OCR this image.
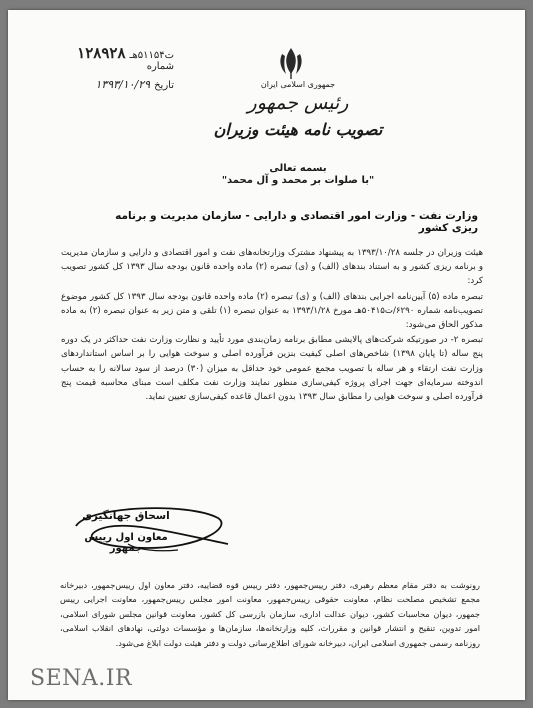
ت۵۱۱۵۴هـ
۱۲۸۹۲۸
شماره
تاریخ
۱۳۹۳/۱۰/۲۹	جمهوری اسلامی ایران
رئیس جمهور
تصویب نامه هیئت وزیران
بسمه تعالی
"با صلوات بر محمد و آل محمد"
وزارت نفت - وزارت امور اقتصادی و دارایی - سازمان مدیریت و برنامه ریزی کشور

هیئت وزیران در جلسه ۱۳۹۳/۱۰/۲۸ به پیشنهاد مشترک وزارتخانه‌های نفت و امور اقتصادی و دارایی و سازمان مدیریت و برنامه ریزی کشور و به استناد بندهای (الف) و (ی) تبصره (۲) ماده واحده قانون بودجه سال ۱۳۹۳ کل کشور تصویب کرد:

تبصره ماده (۵) آیین‌نامه اجرایی بندهای (الف) و (ی) تبصره (۲) ماده واحده قانون بودجه سال ۱۳۹۳ کل کشور موضوع تصویب‌نامه شماره ۶۲۹۰/ت۵۰۴۱۵هـ مورخ ۱۳۹۳/۱/۲۸ به عنوان تبصره (۱) تلقی و متن زیر به عنوان تبصره (۲) به ماده مذکور الحاق می‌شود:

تبصره ۲- در صورتیکه شرکت‌های پالایشی مطابق برنامه زمان‌بندی مورد تأیید و نظارت وزارت نفت حداکثر در یک دوره پنج ساله (تا پایان ۱۳۹۸) شاخص‌های اصلی کیفیت بنزین فرآورده اصلی و سوخت هوایی را بر اساس استانداردهای وزارت نفت ارتقاء و هر ساله با تصویب مجمع عمومی خود حداقل به میزان (۳۰) درصد از سود سالانه را به حساب اندوخته سرمایه‌ای جهت اجرای پروژه کیفی‌سازی منظور نمایند وزارت نفت مکلف است مبنای محاسبه قیمت پنج فرآورده اصلی و سوخت هوایی را مطابق سال ۱۳۹۳ بدون اعمال قاعده کیفی‌سازی تعیین نماید.

اسحاق جهانگیری
معاون اول رییس جمهور
رونوشت به دفتر مقام معظم رهبری، دفتر رییس‌جمهور، دفتر رییس قوه قضاییه، دفتر معاون اول رییس‌جمهور، دبیرخانه مجمع تشخیص مصلحت نظام، معاونت حقوقی رییس‌جمهور، معاونت امور مجلس رییس‌جمهور، معاونت اجرایی رییس جمهور، دیوان محاسبات کشور، دیوان عدالت اداری، سازمان بازرسی کل کشور، معاونت قوانین مجلس شورای اسلامی، امور تدوین، تنقیح و انتشار قوانین و مقررات، کلیه وزارتخانه‌ها، سازمان‌ها و مؤسسات دولتی، نهادهای انقلاب اسلامی، روزنامه رسمی جمهوری اسلامی ایران، دبیرخانه شورای اطلاع‌رسانی دولت و دفتر هیئت دولت ابلاغ می‌شود.
SENA.IR
